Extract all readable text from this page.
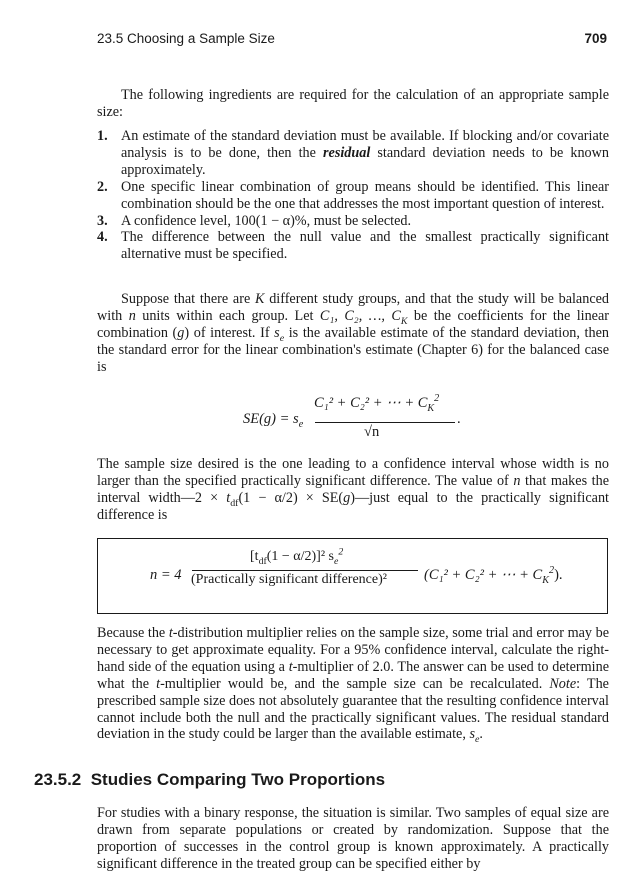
23.5 Choosing a Sample Size	709

The following ingredients are required for the calculation of an appropriate sample size:

1. An estimate of the standard deviation must be available. If blocking and/or covariate analysis is to be done, then the residual standard deviation needs to be known approximately.
2. One specific linear combination of group means should be identified. This linear combination should be the one that addresses the most important question of interest.
3. A confidence level, 100(1 − α)%, must be selected.
4. The difference between the null value and the smallest practically significant alternative must be specified.

Suppose that there are K different study groups, and that the study will be balanced with n units within each group. Let C₁, C₂, …, $C_K$ be the coefficients for the linear combination (g) of interest. If $s_e$ is the available estimate of the standard deviation, then the standard error for the linear combination's estimate (Chapter 6) for the balanced case is

$SE(g) = s_e$
C₁² + C₂² + ⋯ + $C_K^2$
√n
.

The sample size desired is the one leading to a confidence interval whose width is no larger than the specified practically significant difference. The value of n that makes the interval width—2 × $t_{df}(1 - \alpha/2)$ × SE(g)—just equal to the practically significant difference is

n = 4
$[t_{df}(1 - \alpha/2)]^2$ $s_e^2$
(Practically significant difference)²	(C₁² + C₂² + ⋯ + $C_K^2$).

Because the t-distribution multiplier relies on the sample size, some trial and error may be necessary to get approximate equality. For a 95% confidence interval, calculate the right-hand side of the equation using a t-multiplier of 2.0. The answer can be used to determine what the t-multiplier would be, and the sample size can be recalculated. Note: The prescribed sample size does not absolutely guarantee that the resulting confidence interval cannot include both the null and the practically significant values. The residual standard deviation in the study could be larger than the available estimate, $s_e$.

23.5.2 Studies Comparing Two Proportions

For studies with a binary response, the situation is similar. Two samples of equal size are drawn from separate populations or created by randomization. Suppose that the proportion of successes in the control group is known approximately. A practically significant difference in the treated group can be specified either by
